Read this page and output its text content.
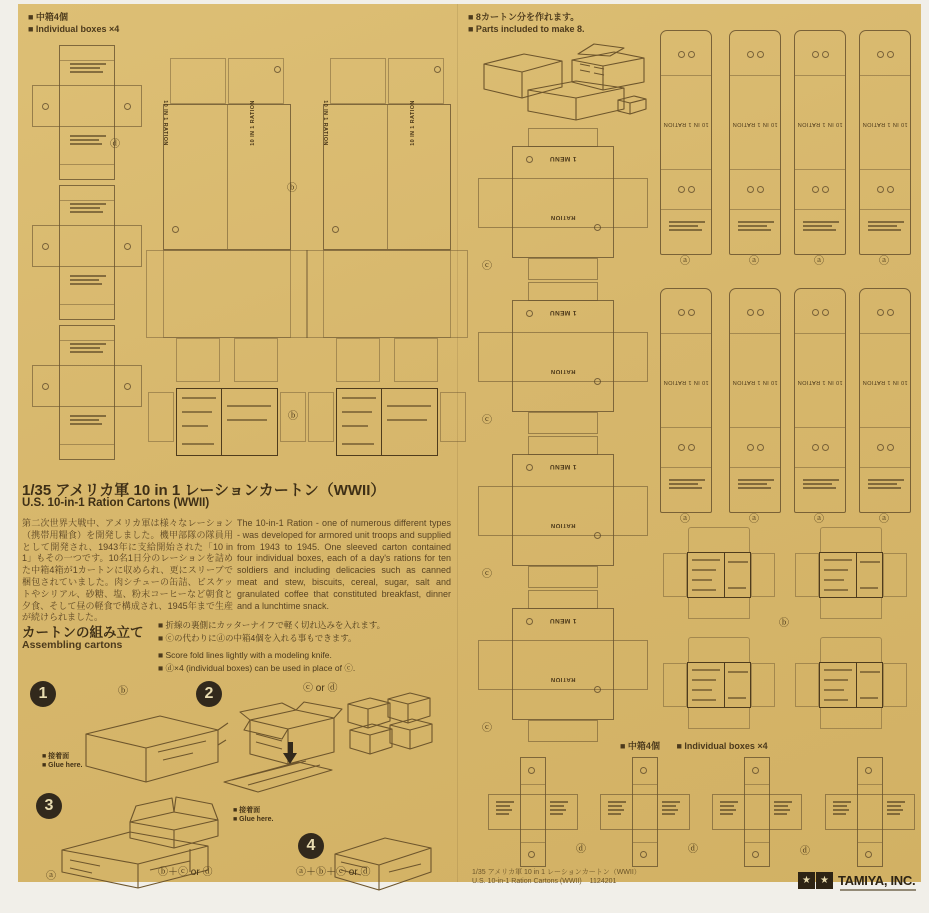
■ 中箱4個
■ Individual boxes ×4
■ 8カートン分を作れます。
■ Parts included to make 8.
10 IN 1 RATION
ⓐ
10 IN 1 RATION
ⓐ
10 IN 1 RATION
ⓐ
10 IN 1 RATION
ⓐ
10 IN 1 RATION
ⓐ
10 IN 1 RATION
ⓐ
10 IN 1 RATION
ⓐ
10 IN 1 RATION
ⓐ
1 MENU
RATION
ⓒ
1 MENU
RATION
ⓒ
1 MENU
RATION
ⓒ
1 MENU
RATION
ⓒ
10 IN 1 RATION	10 IN 1 RATION	10 IN 1 RATION	10 IN 1 RATION
ⓓ
ⓑ
ⓑ
ⓑ
ⓓ	ⓓ	ⓓ
1/35 アメリカ軍 10 in 1 レーションカートン（WWII）
U.S. 10-in-1 Ration Cartons (WWII)
第二次世界大戦中、アメリカ軍は様々なレーション（携帯用糧食）を開発しました。機甲部隊の隊員用として開発され、1943年に支給開始された「10 in 1」もその一つです。10名1日分のレーションを詰めた中箱4箱が1カートンに収められ、更にスリーブで梱包されていました。肉シチューの缶詰、ビスケットやシリアル、砂糖、塩、粉末コーヒーなど朝食と夕食、そして昼の軽食で構成され、1945年まで生産が続けられました。
The 10-in-1 Ration - one of numerous different types - was developed for armored unit troops and supplied from 1943 to 1945. One sleeved carton contained four individual boxes, each of a day's rations for ten soldiers and including delicacies such as canned meat and stew, biscuits, cereal, sugar, salt and granulated coffee that constituted breakfast, dinner and a lunchtime snack.
カートンの組み立て
Assembling cartons
■ 折線の裏側にカッターナイフで軽く切れ込みを入れます。
■ ⓒの代わりにⓓの中箱4個を入れる事もできます。
■ Score fold lines lightly with a modeling knife.
■ ⓓ×4 (individual boxes) can be used in place of ⓒ.
1	ⓑ
■ 接着面
■ Glue here.
2	ⓒ or ⓓ
■ 接着面
■ Glue here.
3
ⓐ	ⓑ＋ⓒ or ⓓ
4
ⓐ＋ⓑ＋ⓒ or ⓓ
■ 中箱4個 ■ Individual boxes ×4
1/35 アメリカ軍 10 in 1 レーションカートン（WWII）
U.S. 10-in-1 Ration Cartons (WWII) 1124201	★ ★ TAMIYA, INC.
